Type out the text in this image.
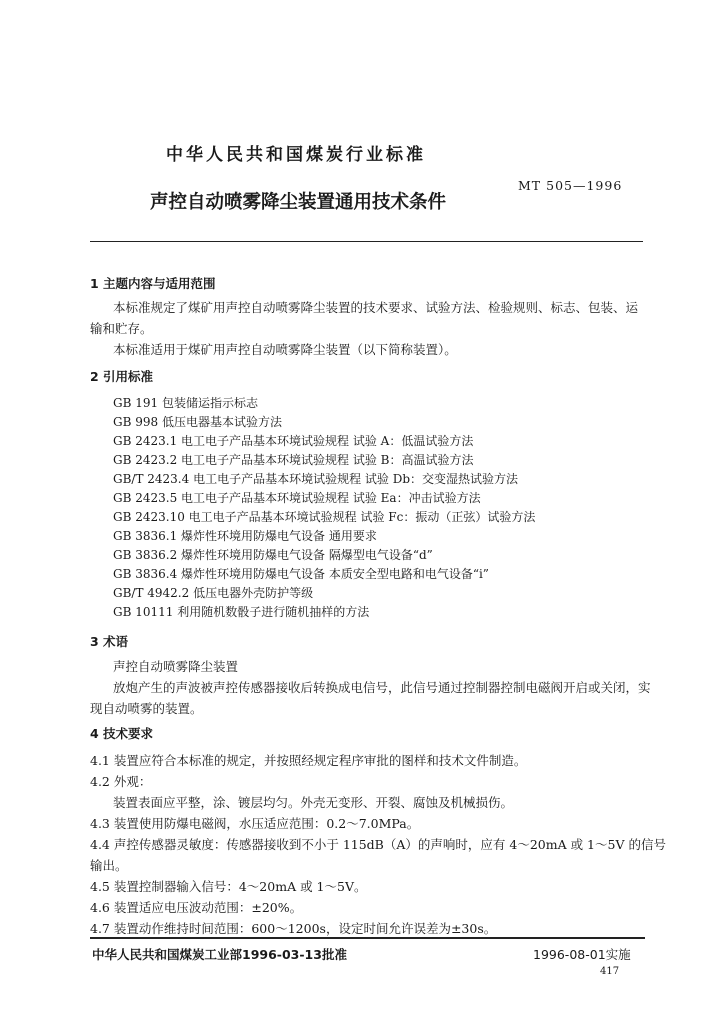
中华人民共和国煤炭行业标准
MT 505—1996
声控自动喷雾降尘装置通用技术条件
1 主题内容与适用范围
本标准规定了煤矿用声控自动喷雾降尘装置的技术要求、试验方法、检验规则、标志、包装、运
输和贮存。
本标准适用于煤矿用声控自动喷雾降尘装置（以下简称装置）。
2 引用标准
GB 191 包装储运指示标志
GB 998 低压电器基本试验方法
GB 2423.1 电工电子产品基本环境试验规程 试验 A：低温试验方法
GB 2423.2 电工电子产品基本环境试验规程 试验 B：高温试验方法
GB/T 2423.4 电工电子产品基本环境试验规程 试验 Db：交变湿热试验方法
GB 2423.5 电工电子产品基本环境试验规程 试验 Ea：冲击试验方法
GB 2423.10 电工电子产品基本环境试验规程 试验 Fc：振动（正弦）试验方法
GB 3836.1 爆炸性环境用防爆电气设备 通用要求
GB 3836.2 爆炸性环境用防爆电气设备 隔爆型电气设备“d”
GB 3836.4 爆炸性环境用防爆电气设备 本质安全型电路和电气设备“i”
GB/T 4942.2 低压电器外壳防护等级
GB 10111 利用随机数骰子进行随机抽样的方法
3 术语
声控自动喷雾降尘装置
放炮产生的声波被声控传感器接收后转换成电信号，此信号通过控制器控制电磁阀开启或关闭，实
现自动喷雾的装置。
4 技术要求
4.1 装置应符合本标准的规定，并按照经规定程序审批的图样和技术文件制造。
4.2 外观：
装置表面应平整，涂、镀层均匀。外壳无变形、开裂、腐蚀及机械损伤。
4.3 装置使用防爆电磁阀，水压适应范围：0.2～7.0MPa。
4.4 声控传感器灵敏度：传感器接收到不小于 115dB（A）的声响时，应有 4～20mA 或 1～5V 的信号
输出。
4.5 装置控制器输入信号：4～20mA 或 1～5V。
4.6 装置适应电压波动范围：±20%。
4.7 装置动作维持时间范围：600～1200s，设定时间允许误差为±30s。
中华人民共和国煤炭工业部1996-03-13批准	1996-08-01实施
417
